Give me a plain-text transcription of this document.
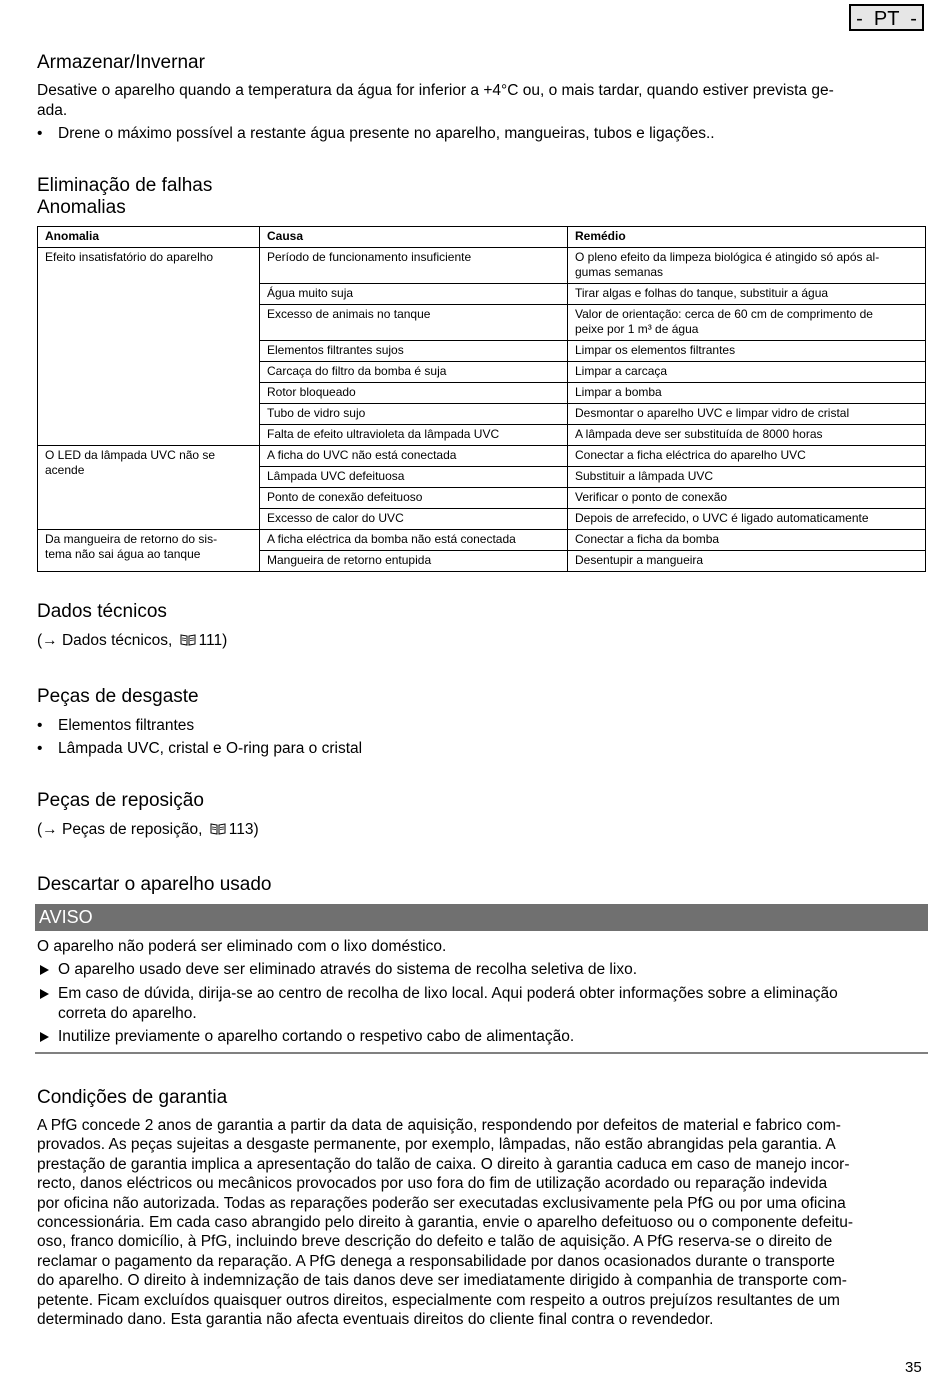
-  PT  -
Armazenar/Invernar
Desative o aparelho quando a temperatura da água for inferior a +4°C ou, o mais tardar, quando estiver prevista ge-
ada.
•	Drene o máximo possível a restante água presente no aparelho, mangueiras, tubos e ligações..
Eliminação de falhas
Anomalias
Anomalia	Causa	Remédio
Efeito insatisfatório do aparelho	Período de funcionamento insuficiente	O pleno efeito da limpeza biológica é atingido só após al-
gumas semanas
	Água muito suja	Tirar algas e folhas do tanque, substituir a água
	Excesso de animais no tanque	Valor de orientação: cerca de 60 cm de comprimento de
peixe por 1 m³ de água
	Elementos filtrantes sujos	Limpar os elementos filtrantes
	Carcaça do filtro da bomba é suja	Limpar a carcaça
	Rotor bloqueado	Limpar a bomba
	Tubo de vidro sujo	Desmontar o aparelho UVC e limpar vidro de cristal
	Falta de efeito ultravioleta da lâmpada UVC	A lâmpada deve ser substituída de 8000 horas
O LED da lâmpada UVC não se
acende	A ficha do UVC não está conectada	Conectar a ficha eléctrica do aparelho UVC
	Lâmpada UVC defeituosa	Substituir a lâmpada UVC
	Ponto de conexão defeituoso	Verificar o ponto de conexão
	Excesso de calor do UVC	Depois de arrefecido, o UVC é ligado automaticamente
Da mangueira de retorno do sis-
tema não sai água ao tanque	A ficha eléctrica da bomba não está conectada	Conectar a ficha da bomba
	Mangueira de retorno entupida	Desentupir a mangueira
Dados técnicos
(→ Dados técnicos, 111)
Peças de desgaste
•	Elementos filtrantes
•	Lâmpada UVC, cristal e O-ring para o cristal
Peças de reposição
(→ Peças de reposição, 113)
Descartar o aparelho usado
AVISO
O aparelho não poderá ser eliminado com o lixo doméstico.
O aparelho usado deve ser eliminado através do sistema de recolha seletiva de lixo.
Em caso de dúvida, dirija-se ao centro de recolha de lixo local. Aqui poderá obter informações sobre a eliminação
correta do aparelho.
Inutilize previamente o aparelho cortando o respetivo cabo de alimentação.
Condições de garantia
A PfG concede 2 anos de garantia a partir da data de aquisição, respondendo por defeitos de material e fabrico com-
provados. As peças sujeitas a desgaste permanente, por exemplo, lâmpadas, não estão abrangidas pela garantia. A
prestação de garantia implica a apresentação do talão de caixa. O direito à garantia caduca em caso de manejo incor-
recto, danos eléctricos ou mecânicos provocados por uso fora do fim de utilização acordado ou reparação indevida
por oficina não autorizada. Todas as reparações poderão ser executadas exclusivamente pela PfG ou por uma oficina
concessionária. Em cada caso abrangido pelo direito à garantia, envie o aparelho defeituoso ou o componente defeitu-
oso, franco domicílio, à PfG, incluindo breve descrição do defeito e talão de aquisição. A PfG reserva-se o direito de
reclamar o pagamento da reparação. A PfG denega a responsabilidade por danos ocasionados durante o transporte
do aparelho. O direito à indemnização de tais danos deve ser imediatamente dirigido à companhia de transporte com-
petente. Ficam excluídos quaisquer outros direitos, especialmente com respeito a outros prejuízos resultantes de um
determinado dano. Esta garantia não afecta eventuais direitos do cliente final contra o revendedor.
35
